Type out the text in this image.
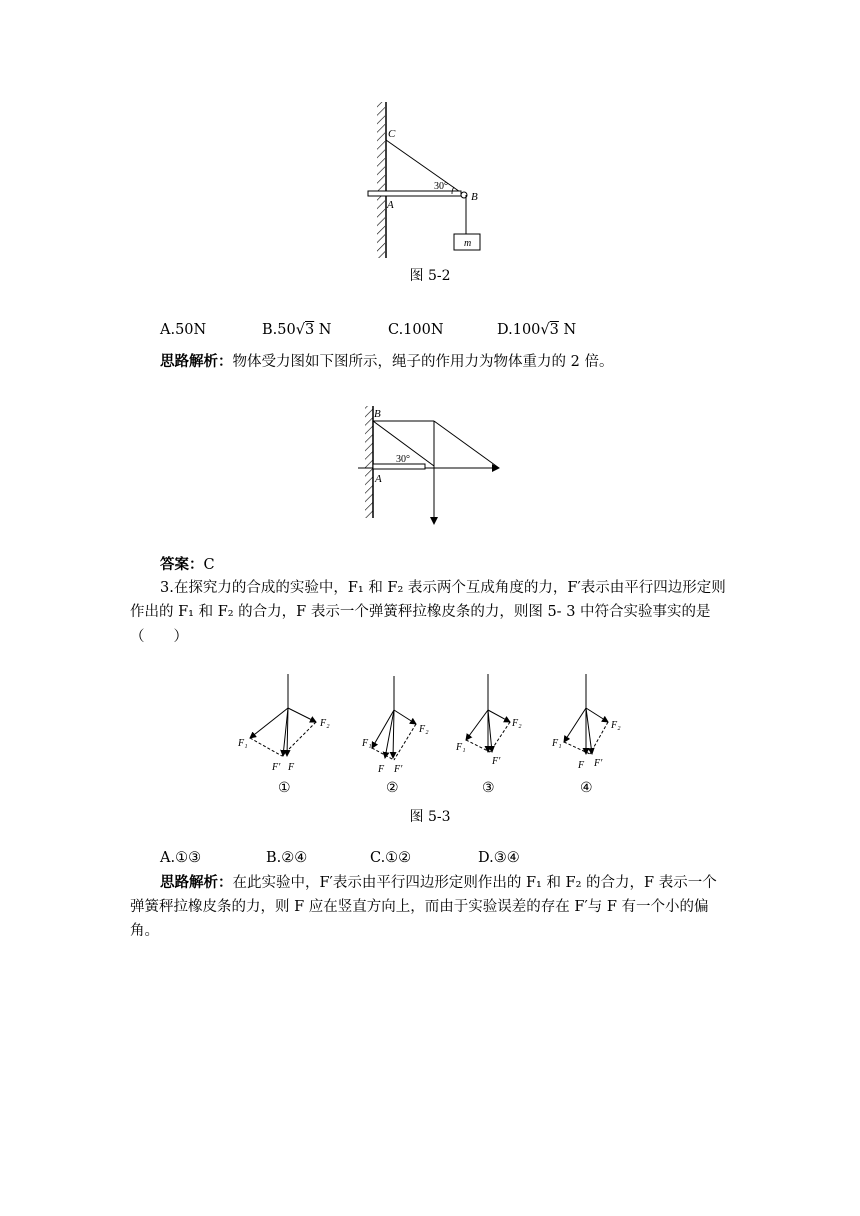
C
30°
B
A
m
图 5-2
A.50N	B.50√3 N	C.100N	D.100√3 N
思路解析：物体受力图如下图所示，绳子的作用力为物体重力的 2 倍。
B
30°
A
答案：C
3.在探究力的合成的实验中，F₁ 和 F₂ 表示两个互成角度的力，F′表示由平行四边形定则
作出的 F₁ 和 F₂ 的合力，F 表示一个弹簧秤拉橡皮条的力，则图 5- 3 中符合实验事实的是
（　　）
F₁
F₂
F′ F
①
F₁
F₂
F F′
②
F₁
F₂
F′
③
F₁
F₂
F F′
④
图 5-3
A.①③	B.②④	C.①②	D.③④
思路解析：在此实验中，F′表示由平行四边形定则作出的 F₁ 和 F₂ 的合力，F 表示一个
弹簧秤拉橡皮条的力，则 F 应在竖直方向上，而由于实验误差的存在 F′与 F 有一个小的偏
角。
